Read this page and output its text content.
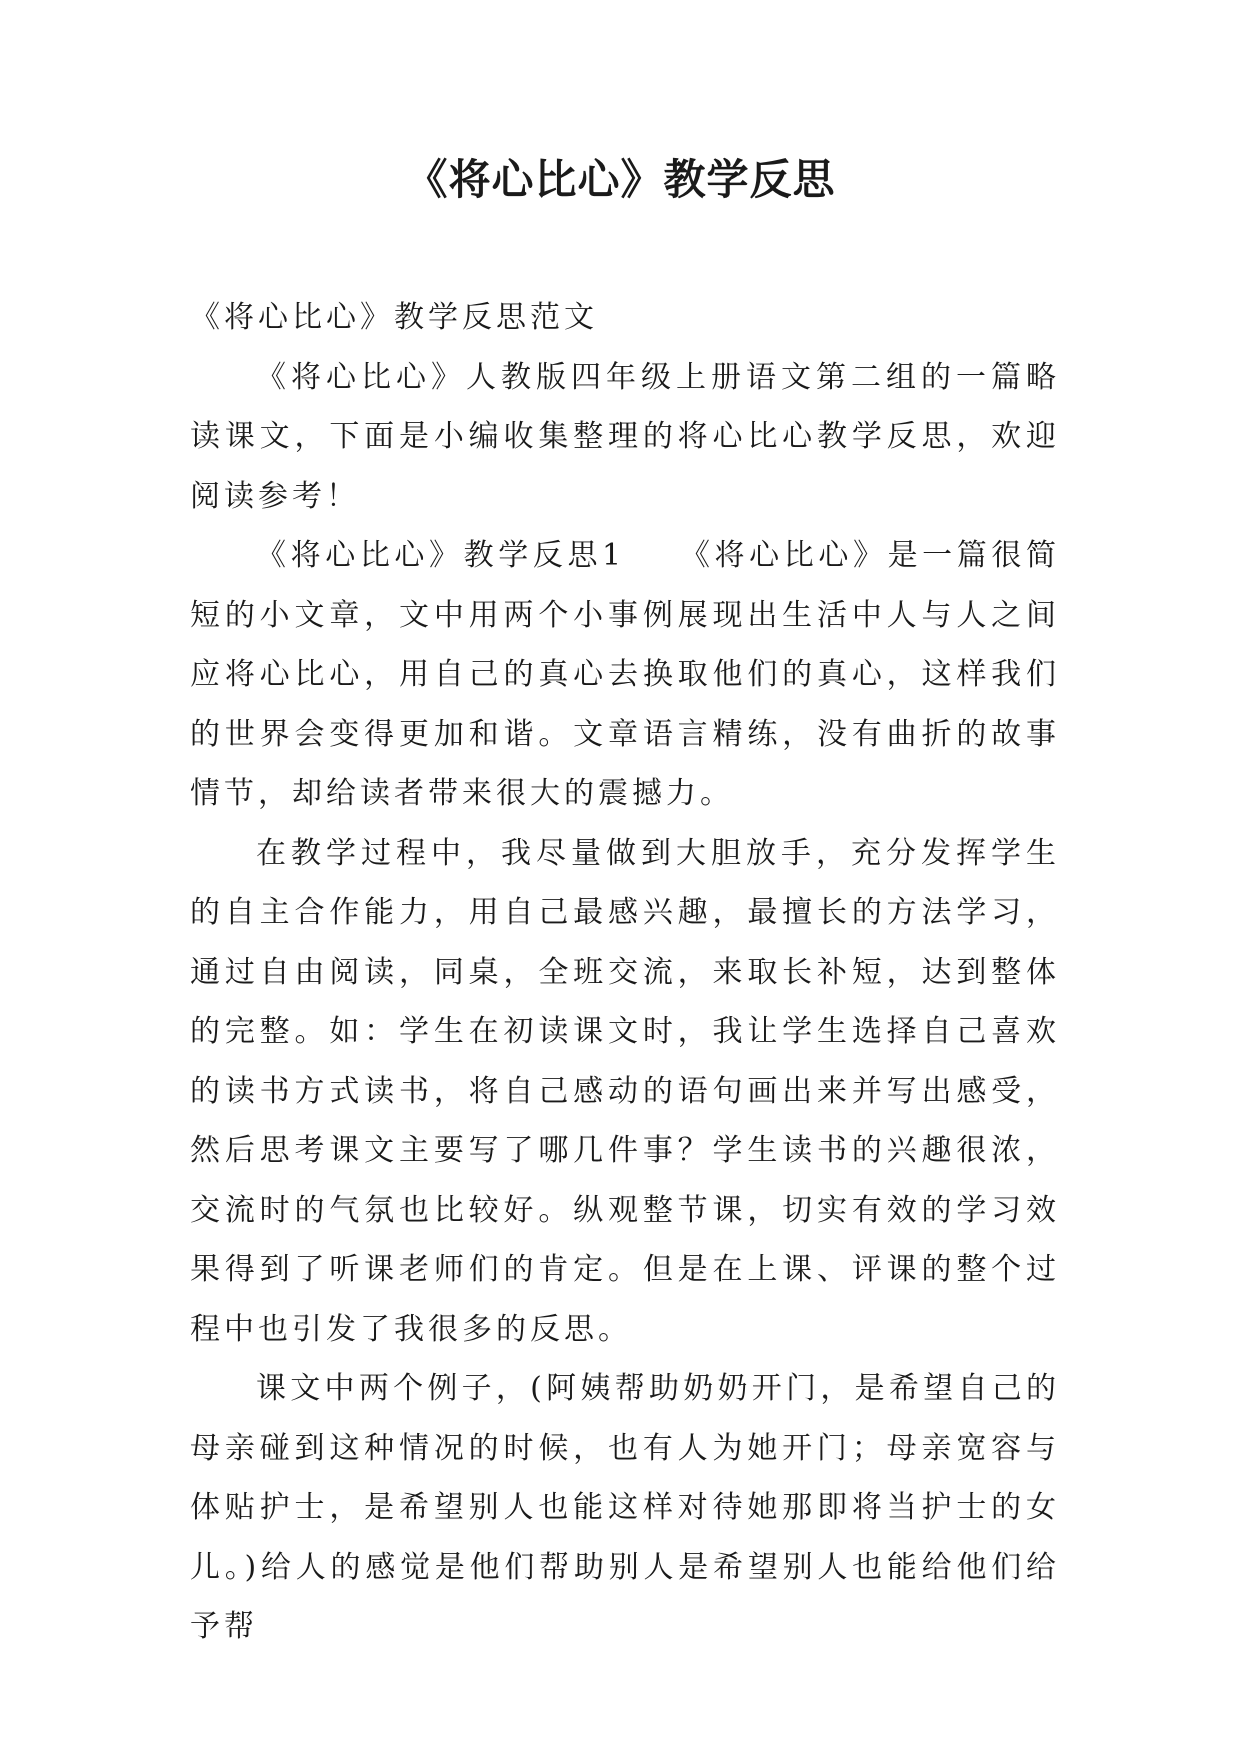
《将心比心》教学反思

《将心比心》教学反思范文

《将心比心》人教版四年级上册语文第二组的一篇略读课文，下面是小编收集整理的将心比心教学反思，欢迎阅读参考！

《将心比心》教学反思1　　《将心比心》是一篇很简短的小文章，文中用两个小事例展现出生活中人与人之间应将心比心，用自己的真心去换取他们的真心，这样我们的世界会变得更加和谐。文章语言精练，没有曲折的故事情节，却给读者带来很大的震撼力。

在教学过程中，我尽量做到大胆放手，充分发挥学生的自主合作能力，用自己最感兴趣，最擅长的方法学习，通过自由阅读，同桌，全班交流，来取长补短，达到整体的完整。如：学生在初读课文时，我让学生选择自己喜欢的读书方式读书，将自己感动的语句画出来并写出感受，然后思考课文主要写了哪几件事？学生读书的兴趣很浓，交流时的气氛也比较好。纵观整节课，切实有效的学习效果得到了听课老师们的肯定。但是在上课、评课的整个过程中也引发了我很多的反思。

课文中两个例子，(阿姨帮助奶奶开门，是希望自己的母亲碰到这种情况的时候，也有人为她开门；母亲宽容与体贴护士，是希望别人也能这样对待她那即将当护士的女儿。)给人的感觉是他们帮助别人是希望别人也能给他们给予帮
